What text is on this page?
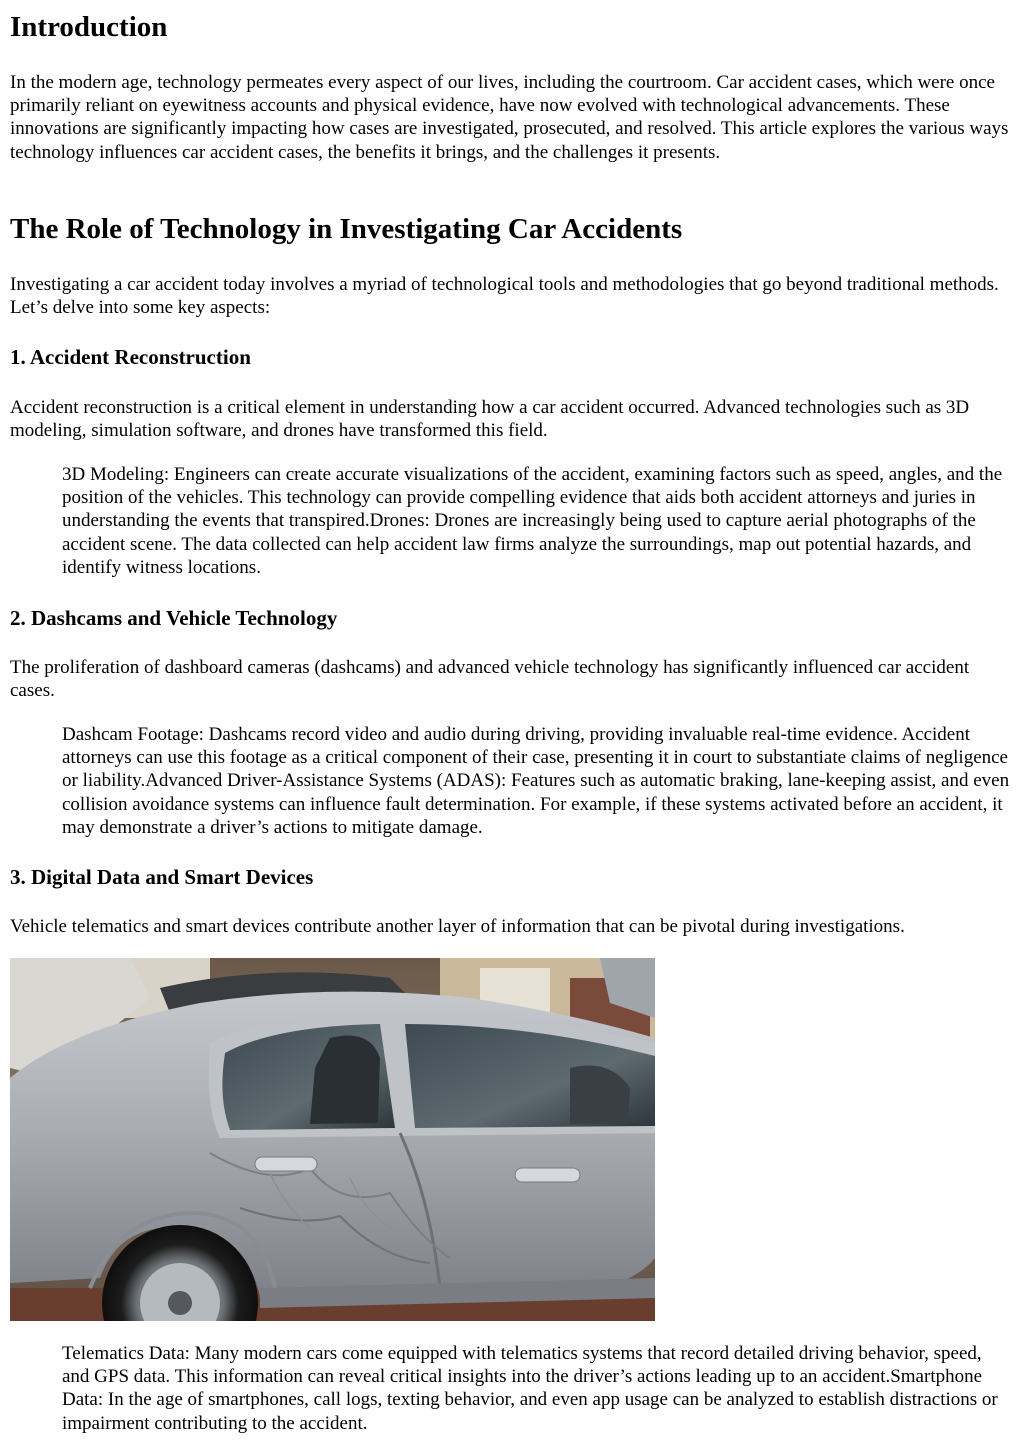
Introduction

In the modern age, technology permeates every aspect of our lives, including the courtroom. Car accident cases, which were once primarily reliant on eyewitness accounts and physical evidence, have now evolved with technological advancements. These innovations are significantly impacting how cases are investigated, prosecuted, and resolved. This article explores the various ways technology influences car accident cases, the benefits it brings, and the challenges it presents.

The Role of Technology in Investigating Car Accidents

Investigating a car accident today involves a myriad of technological tools and methodologies that go beyond traditional methods. Let’s delve into some key aspects:

1. Accident Reconstruction

Accident reconstruction is a critical element in understanding how a car accident occurred. Advanced technologies such as 3D modeling, simulation software, and drones have transformed this field.

3D Modeling: Engineers can create accurate visualizations of the accident, examining factors such as speed, angles, and the position of the vehicles. This technology can provide compelling evidence that aids both accident attorneys and juries in understanding the events that transpired.Drones: Drones are increasingly being used to capture aerial photographs of the accident scene. The data collected can help accident law firms analyze the surroundings, map out potential hazards, and identify witness locations.
2. Dashcams and Vehicle Technology

The proliferation of dashboard cameras (dashcams) and advanced vehicle technology has significantly influenced car accident cases.

Dashcam Footage: Dashcams record video and audio during driving, providing invaluable real-time evidence. Accident attorneys can use this footage as a critical component of their case, presenting it in court to substantiate claims of negligence or liability.Advanced Driver-Assistance Systems (ADAS): Features such as automatic braking, lane-keeping assist, and even collision avoidance systems can influence fault determination. For example, if these systems activated before an accident, it may demonstrate a driver’s actions to mitigate damage.
3. Digital Data and Smart Devices

Vehicle telematics and smart devices contribute another layer of information that can be pivotal during investigations.

Telematics Data: Many modern cars come equipped with telematics systems that record detailed driving behavior, speed, and GPS data. This information can reveal critical insights into the driver’s actions leading up to an accident.Smartphone Data: In the age of smartphones, call logs, texting behavior, and even app usage can be analyzed to establish distractions or impairment contributing to the accident.
